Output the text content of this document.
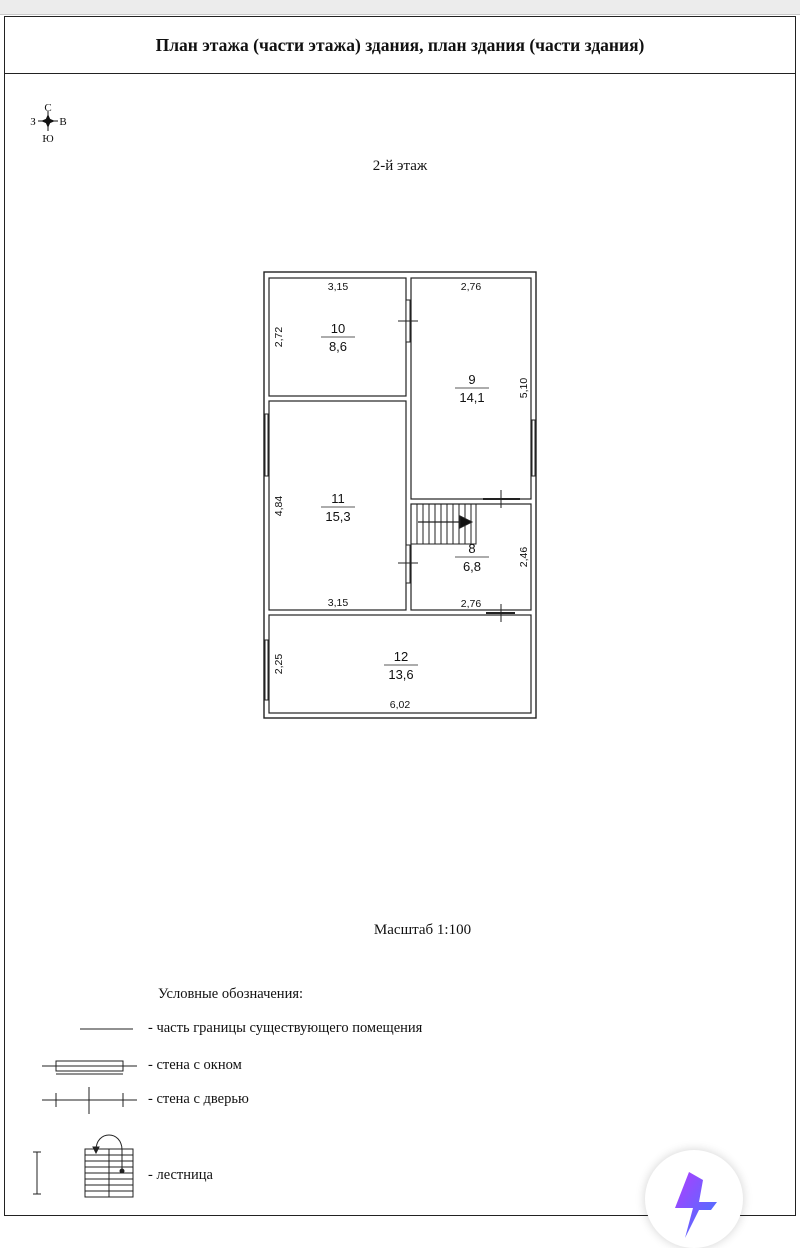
План этажа (части этажа) здания, план здания (части здания)
2-й этаж
Масштаб 1:100
Условные обозначения:
- часть границы существующего помещения
- стена с окном
- стена с дверью
- лестница
С
З В
Ю
10
8,6
9
14,1
11
15,3
8
6,8
12
13,6
3,15	2,76
3,15	2,76
6,02
2,72
5,10
4,84
2,46
2,25
